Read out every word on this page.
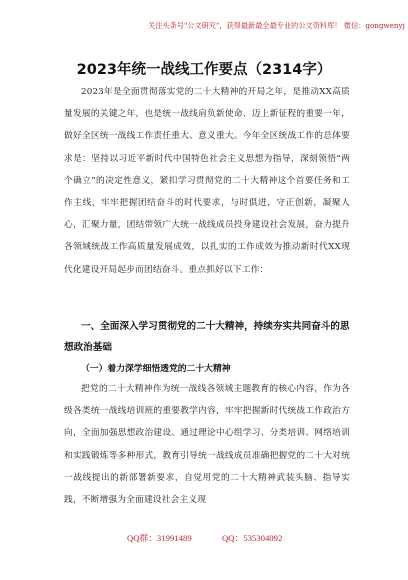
关注头条号"公文研究"，获得最新最全最专业的公文资料库！ 微信：gongwenyj
2023年统一战线工作要点（2314字）
2023年是全面贯彻落实党的二十大精神的开局之年，是推动XX高质量发展的关键之年，也是统一战线肩负新使命、迈上新征程的重要一年，做好全区统一战线工作责任重大、意义重大。今年全区统战工作的总体要求是：坚持以习近平新时代中国特色社会主义思想为指导，深刻领悟“两个确立”的决定性意义，紧扣学习贯彻党的二十大精神这个首要任务和工作主线，牢牢把握团结奋斗的时代要求，与时俱进，守正创新，凝聚人心，汇聚力量，团结带领广大统一战线成员投身建设社会发展，奋力提升各领域统战工作高质量发展成效，以扎实的工作成效为推动新时代XX现代化建设开局起步而团结奋斗。重点抓好以下工作：
一、全面深入学习贯彻党的二十大精神，持续夯实共同奋斗的思想政治基础
（一）着力深学细悟透党的二十大精神
把党的二十大精神作为统一战线各领域主题教育的核心内容，作为各级各类统一战线培训班的重要教学内容，牢牢把握新时代统战工作政治方向，全面加强思想政治建设。通过理论中心组学习、分类培训、网络培训和实践锻炼等多种形式，教育引导统一战线成员准确把握党的二十大对统一战线提出的新部署新要求，自觉用党的二十大精神武装头脑、指导实践，不断增强为全面建设社会主义现
QQ群：31991489	QQ：535304092
